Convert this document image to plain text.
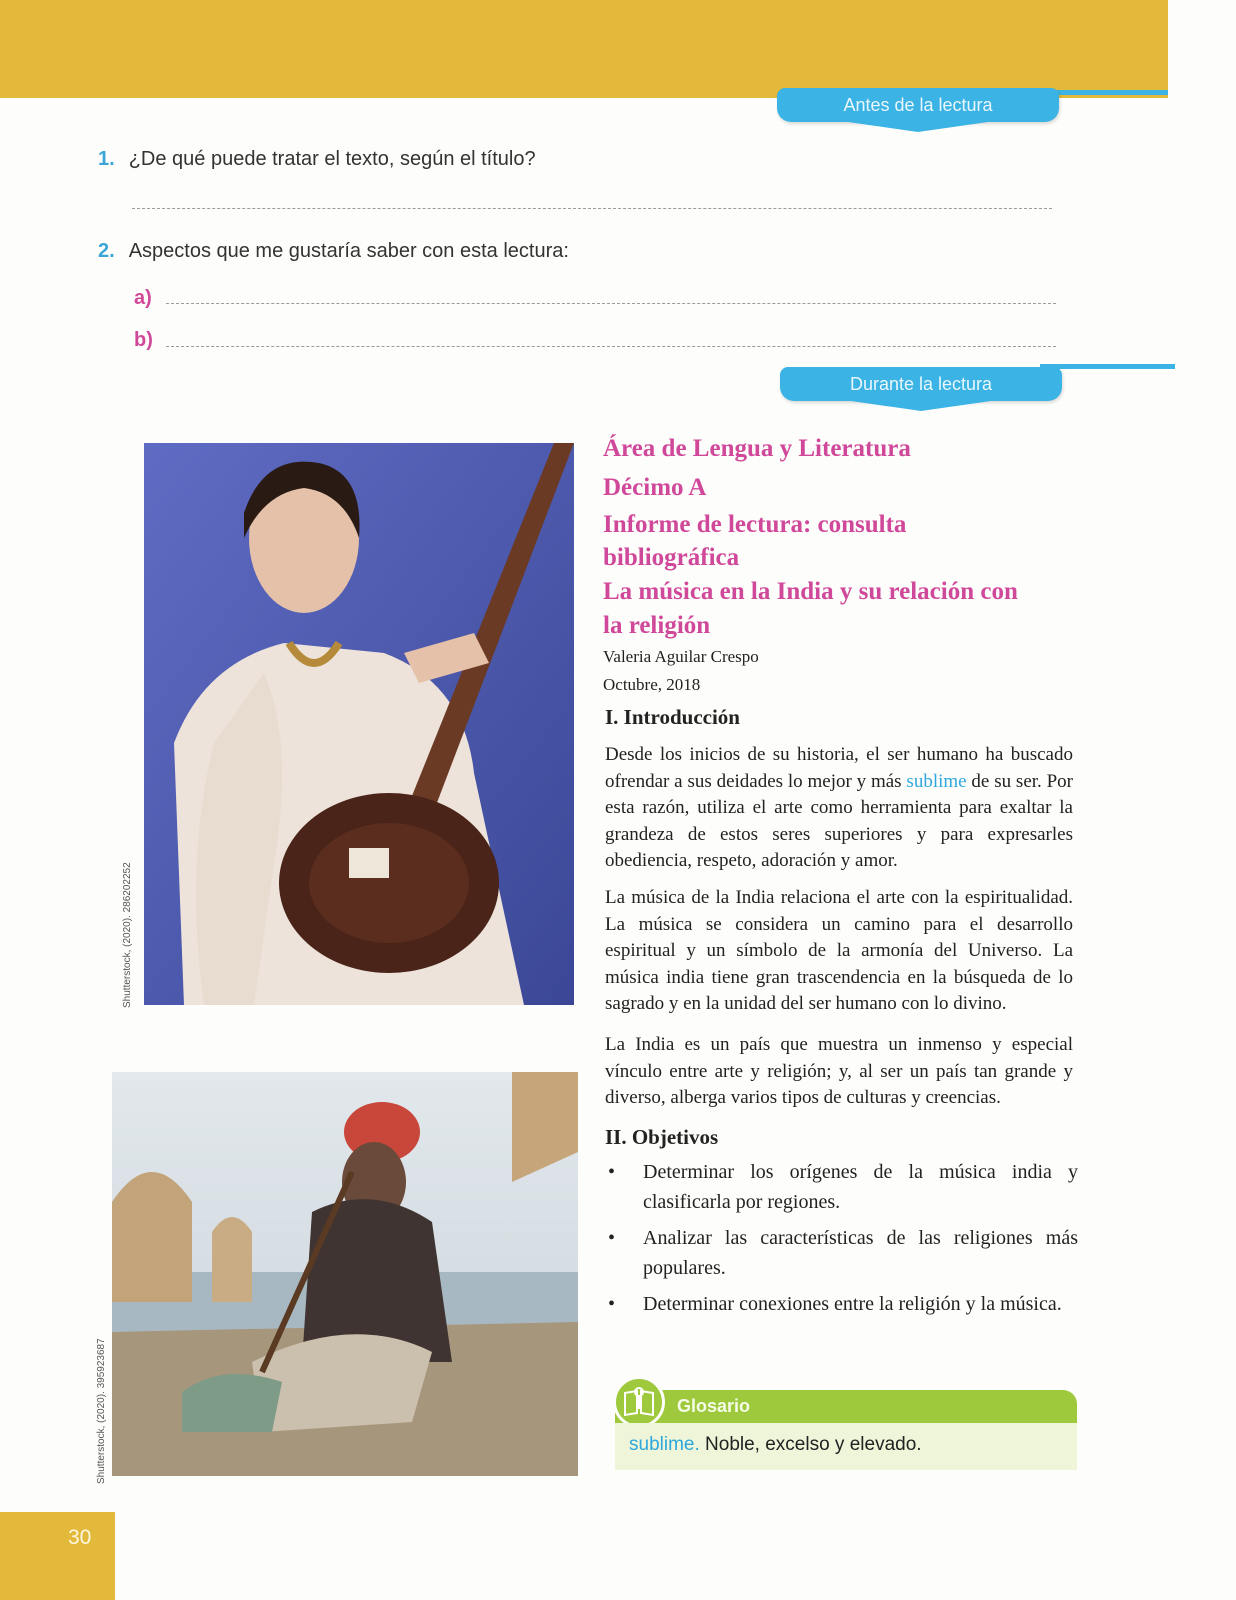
Antes de la lectura
1. ¿De qué puede tratar el texto, según el título?
2. Aspectos que me gustaría saber con esta lectura:
a)
b)
Durante la lectura
Shutterstock, (2020). 286202252
Shutterstock, (2020). 395923687
Área de Lengua y Literatura
Décimo A
Informe de lectura: consulta
bibliográfica
La música en la India y su relación con
la religión
Valeria Aguilar Crespo
Octubre, 2018
I. Introducción
Desde los inicios de su historia, el ser humano ha buscado ofrendar a sus deidades lo mejor y más sublime de su ser. Por esta razón, utiliza el arte como herramienta para exaltar la grandeza de estos seres superiores y para expresarles obediencia, respeto, adoración y amor.
La música de la India relaciona el arte con la espiritualidad. La música se considera un camino para el desarrollo espiritual y un símbolo de la armonía del Universo. La música india tiene gran trascendencia en la búsqueda de lo sagrado y en la unidad del ser humano con lo divino.
La India es un país que muestra un inmenso y especial vínculo entre arte y religión; y, al ser un país tan grande y diverso, alberga varios tipos de culturas y creencias.
II. Objetivos
•	Determinar los orígenes de la música india y clasificarla por regiones.
•	Analizar las características de las religiones más populares.
•	Determinar conexiones entre la religión y la música.
Glosario

sublime. Noble, excelso y elevado.

30
